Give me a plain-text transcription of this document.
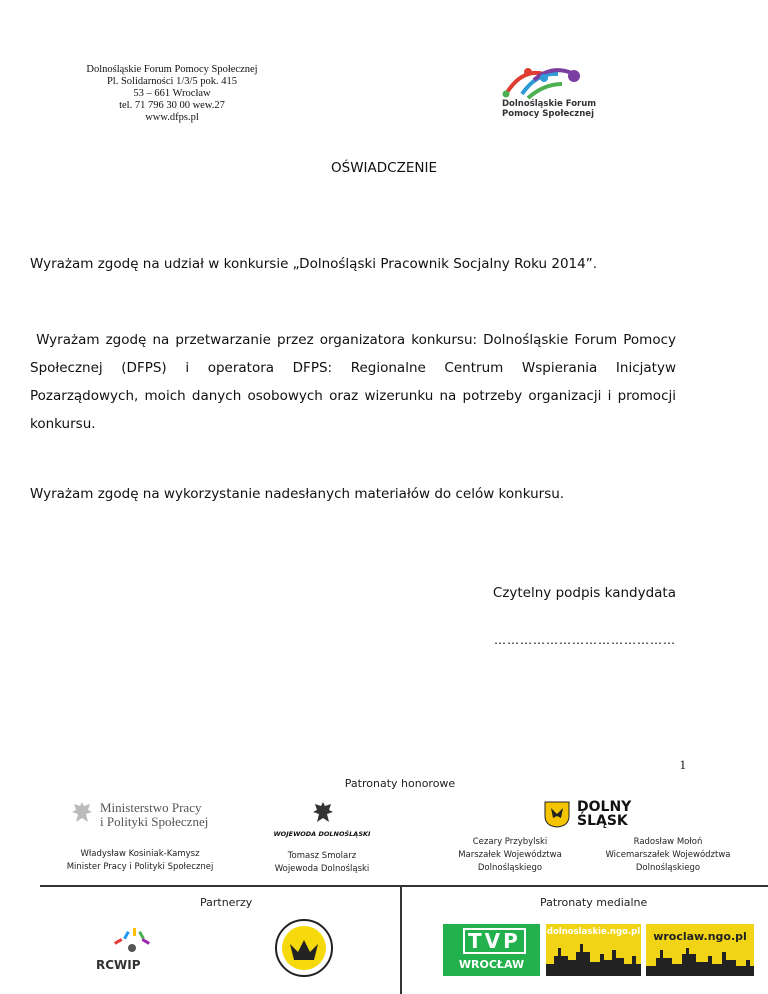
Dolnośląskie Forum Pomocy Społecznej
Pl. Solidarności 1/3/5 pok. 415
53 – 661 Wrocław
tel. 71 796 30 00 wew.27
www.dfps.pl
Dolnośląskie Forum
Pomocy Społecznej
OŚWIADCZENIE
Wyrażam zgodę na udział w konkursie „Dolnośląski Pracownik Socjalny Roku 2014”.
Wyrażam zgodę na przetwarzanie przez organizatora konkursu: Dolnośląskie Forum Pomocy
Społecznej (DFPS) i operatora DFPS: Regionalne Centrum Wspierania Inicjatyw
Pozarządowych, moich danych osobowych oraz wizerunku na potrzeby organizacji i promocji
konkursu.
Wyrażam zgodę na wykorzystanie nadesłanych materiałów do celów konkursu.
Czytelny podpis kandydata
……………………………………
1
Patronaty honorowe
Ministerstwo Pracy
i Polityki Społecznej
Władysław Kosiniak-Kamysz
Minister Pracy i Polityki Społecznej
WOJEWODA DOLNOŚLĄSKI
Tomasz Smolarz
Wojewoda Dolnośląski
DOLNY
ŚLĄSK
Cezary Przybylski
Marszałek Województwa
Dolnośląskiego
Radosław Mołoń
Wicemarszałek Województwa
Dolnośląskiego
Partnerzy
RCWIP
Patronaty medialne
TVP
WROCŁAW
dolnoslaskie.ngo.pl	wroclaw.ngo.pl
